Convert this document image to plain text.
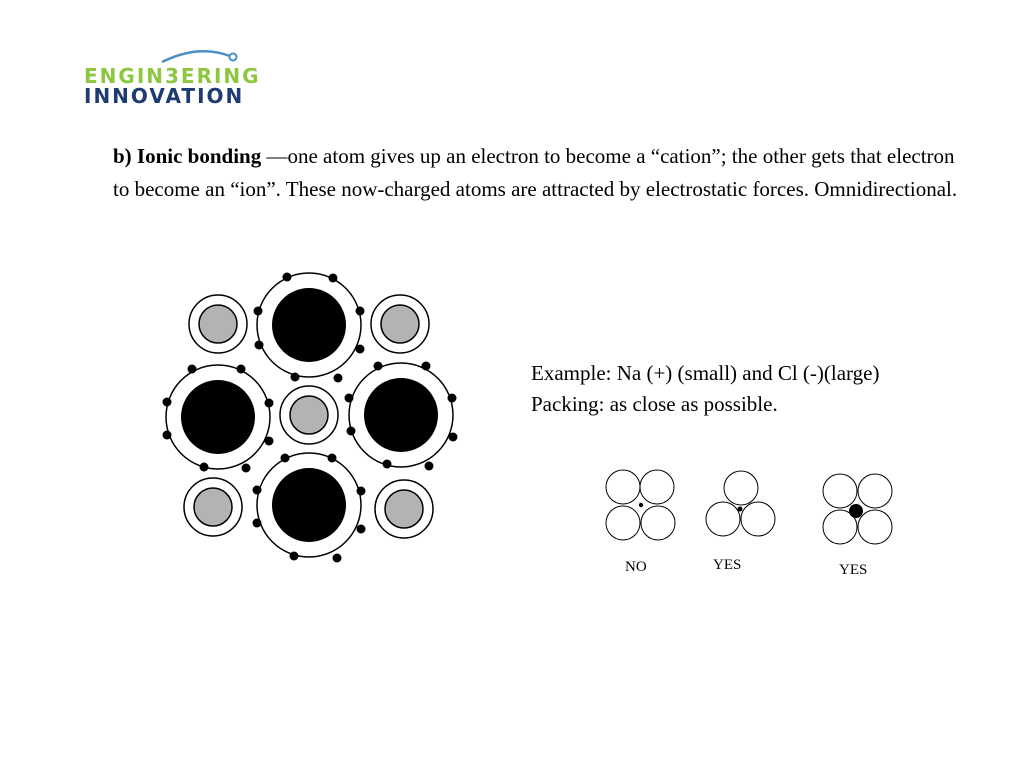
ENGIN3ERING
INNOVATION
b) Ionic bonding —one atom gives up an electron to become a “cation”; the other gets that electron to become an “ion”. These now-charged atoms are attracted by electrostatic forces. Omnidirectional.
Example: Na (+) (small) and Cl (-)(large)
Packing: as close as possible.
NO	YES	YES
